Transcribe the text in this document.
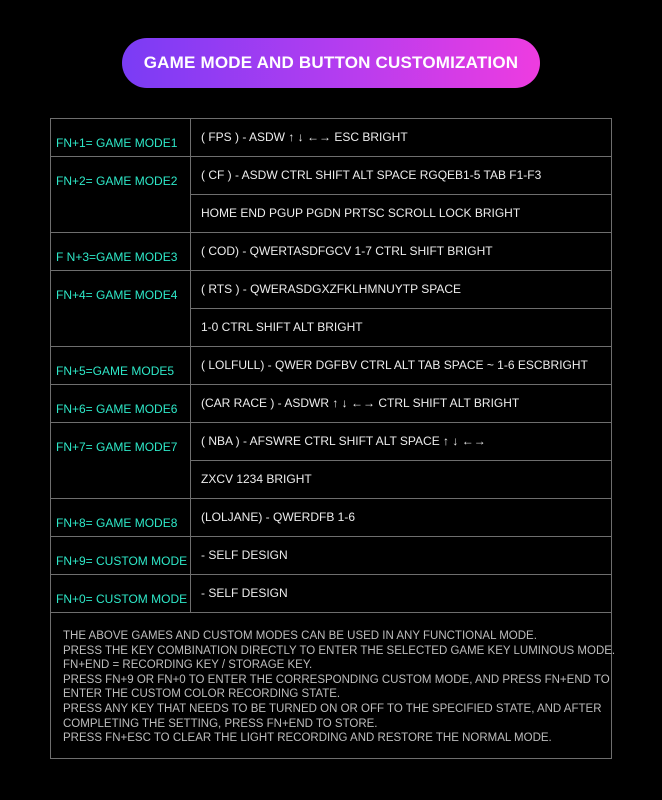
GAME MODE AND BUTTON CUSTOMIZATION
FN+1= GAME MODE1	( FPS ) - ASDW ↑ ↓ ←→ ESC BRIGHT
FN+2= GAME MODE2	( CF ) - ASDW CTRL SHIFT ALT SPACE RGQEB1-5 TAB F1-F3
HOME END PGUP PGDN PRTSC SCROLL LOCK BRIGHT
F N+3=GAME MODE3	( COD) - QWERTASDFGCV 1-7 CTRL SHIFT BRIGHT
FN+4= GAME MODE4	( RTS ) - QWERASDGXZFKLHMNUYTP SPACE
1-0 CTRL SHIFT ALT BRIGHT
FN+5=GAME MODE5	( LOLFULL) - QWER DGFBV CTRL ALT TAB SPACE ~ 1-6 ESCBRIGHT
FN+6= GAME MODE6	(CAR RACE ) - ASDWR ↑ ↓ ←→ CTRL SHIFT ALT BRIGHT
FN+7= GAME MODE7	( NBA ) - AFSWRE CTRL SHIFT ALT SPACE ↑ ↓ ←→
ZXCV 1234 BRIGHT
FN+8= GAME MODE8	(LOLJANE) - QWERDFB 1-6
FN+9= CUSTOM MODE	- SELF DESIGN
FN+0= CUSTOM MODE	- SELF DESIGN
THE ABOVE GAMES AND CUSTOM MODES CAN BE USED IN ANY FUNCTIONAL MODE.
PRESS THE KEY COMBINATION DIRECTLY TO ENTER THE SELECTED GAME KEY LUMINOUS MODE.
FN+END = RECORDING KEY / STORAGE KEY.
PRESS FN+9 OR FN+0 TO ENTER THE CORRESPONDING CUSTOM MODE, AND PRESS FN+END TO
ENTER THE CUSTOM COLOR RECORDING STATE.
PRESS ANY KEY THAT NEEDS TO BE TURNED ON OR OFF TO THE SPECIFIED STATE, AND AFTER
COMPLETING THE SETTING, PRESS FN+END TO STORE.
PRESS FN+ESC TO CLEAR THE LIGHT RECORDING AND RESTORE THE NORMAL MODE.
